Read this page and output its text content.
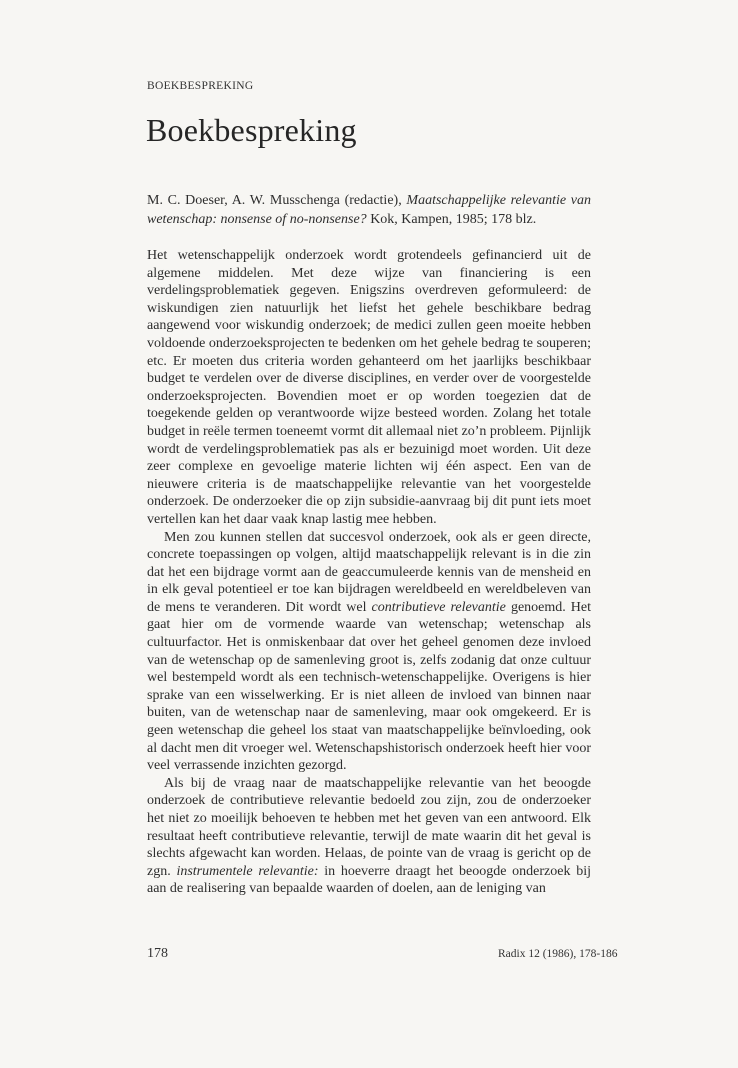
BOEKBESPREKING
Boekbespreking
M. C. Doeser, A. W. Musschenga (redactie), Maatschappelijke relevantie van wetenschap: nonsense of no-nonsense? Kok, Kampen, 1985; 178 blz.

Het wetenschappelijk onderzoek wordt grotendeels gefinancierd uit de algemene middelen. Met deze wijze van financiering is een verdelingsproblematiek gegeven. Enigszins overdreven geformuleerd: de wiskundigen zien natuurlijk het liefst het gehele beschikbare bedrag aangewend voor wiskundig onderzoek; de medici zullen geen moeite hebben voldoende onderzoeksprojecten te bedenken om het gehele bedrag te souperen; etc. Er moeten dus criteria worden gehanteerd om het jaarlijks beschikbaar budget te verdelen over de diverse disciplines, en verder over de voorgestelde onderzoeksprojecten. Bovendien moet er op worden toegezien dat de toegekende gelden op verantwoorde wijze besteed worden. Zolang het totale budget in reële termen toeneemt vormt dit allemaal niet zo’n probleem. Pijnlijk wordt de verdelingsproblematiek pas als er bezuinigd moet worden. Uit deze zeer complexe en gevoelige materie lichten wij één aspect. Een van de nieuwere criteria is de maatschappelijke relevantie van het voorgestelde onderzoek. De onderzoeker die op zijn subsidie-aanvraag bij dit punt iets moet vertellen kan het daar vaak knap lastig mee hebben.

Men zou kunnen stellen dat succesvol onderzoek, ook als er geen directe, concrete toepassingen op volgen, altijd maatschappelijk relevant is in die zin dat het een bijdrage vormt aan de geaccumuleerde kennis van de mensheid en in elk geval potentieel er toe kan bijdragen wereldbeeld en wereldbeleven van de mens te veranderen. Dit wordt wel contributieve relevantie genoemd. Het gaat hier om de vormende waarde van wetenschap; wetenschap als cultuurfactor. Het is onmiskenbaar dat over het geheel genomen deze invloed van de wetenschap op de samenleving groot is, zelfs zodanig dat onze cultuur wel bestempeld wordt als een technisch-wetenschappelijke. Overigens is hier sprake van een wisselwerking. Er is niet alleen de invloed van binnen naar buiten, van de wetenschap naar de samenleving, maar ook omgekeerd. Er is geen wetenschap die geheel los staat van maatschappelijke beïnvloeding, ook al dacht men dit vroeger wel. Wetenschapshistorisch onderzoek heeft hier voor veel verrassende inzichten gezorgd.

Als bij de vraag naar de maatschappelijke relevantie van het beoogde onderzoek de contributieve relevantie bedoeld zou zijn, zou de onderzoeker het niet zo moeilijk behoeven te hebben met het geven van een antwoord. Elk resultaat heeft contributieve relevantie, terwijl de mate waarin dit het geval is slechts afgewacht kan worden. Helaas, de pointe van de vraag is gericht op de zgn. instrumentele relevantie: in hoeverre draagt het beoogde onderzoek bij aan de realisering van bepaalde waarden of doelen, aan de leniging van

178	Radix 12 (1986), 178-186
